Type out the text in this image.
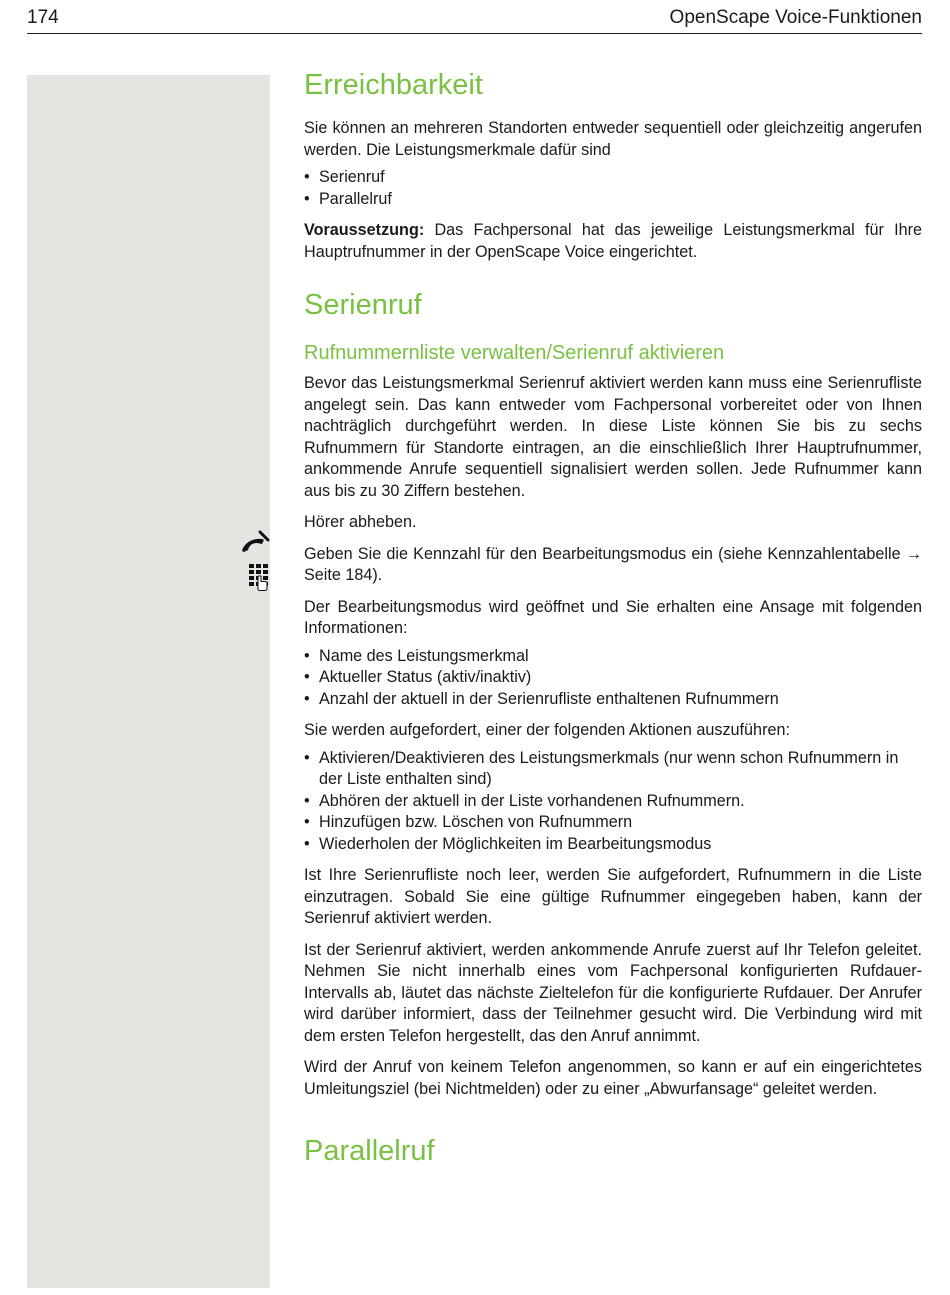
174	OpenScape Voice-Funktionen
Erreichbarkeit

Sie können an mehreren Standorten entweder sequentiell oder gleichzeitig angerufen werden. Die Leistungsmerkmale dafür sind

• Serienruf
• Parallelruf

Voraussetzung: Das Fachpersonal hat das jeweilige Leistungsmerkmal für Ihre Hauptrufnummer in der OpenScape Voice eingerichtet.

Serienruf
Rufnummernliste verwalten/Serienruf aktivieren

Bevor das Leistungsmerkmal Serienruf aktiviert werden kann muss eine Serienrufliste angelegt sein. Das kann entweder vom Fachpersonal vorbereitet oder von Ihnen nachträglich durchgeführt werden. In diese Liste können Sie bis zu sechs Rufnummern für Standorte eintragen, an die einschließlich Ihrer Hauptrufnummer, ankommende Anrufe sequentiell signalisiert werden sollen. Jede Rufnummer kann aus bis zu 30 Ziffern bestehen.

Hörer abheben.

Geben Sie die Kennzahl für den Bearbeitungsmodus ein (siehe Kennzahlentabelle → Seite 184).

Der Bearbeitungsmodus wird geöffnet und Sie erhalten eine Ansage mit folgenden Informationen:

• Name des Leistungsmerkmal
• Aktueller Status (aktiv/inaktiv)
• Anzahl der aktuell in der Serienrufliste enthaltenen Rufnummern

Sie werden aufgefordert, einer der folgenden Aktionen auszuführen:

• Aktivieren/Deaktivieren des Leistungsmerkmals (nur wenn schon Rufnummern in der Liste enthalten sind)
• Abhören der aktuell in der Liste vorhandenen Rufnummern.
• Hinzufügen bzw. Löschen von Rufnummern
• Wiederholen der Möglichkeiten im Bearbeitungsmodus

Ist Ihre Serienrufliste noch leer, werden Sie aufgefordert, Rufnummern in die Liste einzutragen. Sobald Sie eine gültige Rufnummer eingegeben haben, kann der Serienruf aktiviert werden.

Ist der Serienruf aktiviert, werden ankommende Anrufe zuerst auf Ihr Telefon geleitet. Nehmen Sie nicht innerhalb eines vom Fachpersonal konfigurierten Rufdauer-Intervalls ab, läutet das nächste Zieltelefon für die konfigurierte Rufdauer. Der Anrufer wird darüber informiert, dass der Teilnehmer gesucht wird. Die Verbindung wird mit dem ersten Telefon hergestellt, das den Anruf annimmt.

Wird der Anruf von keinem Telefon angenommen, so kann er auf ein eingerichtetes Umleitungsziel (bei Nichtmelden) oder zu einer „Abwurfansage“ geleitet werden.

Parallelruf
